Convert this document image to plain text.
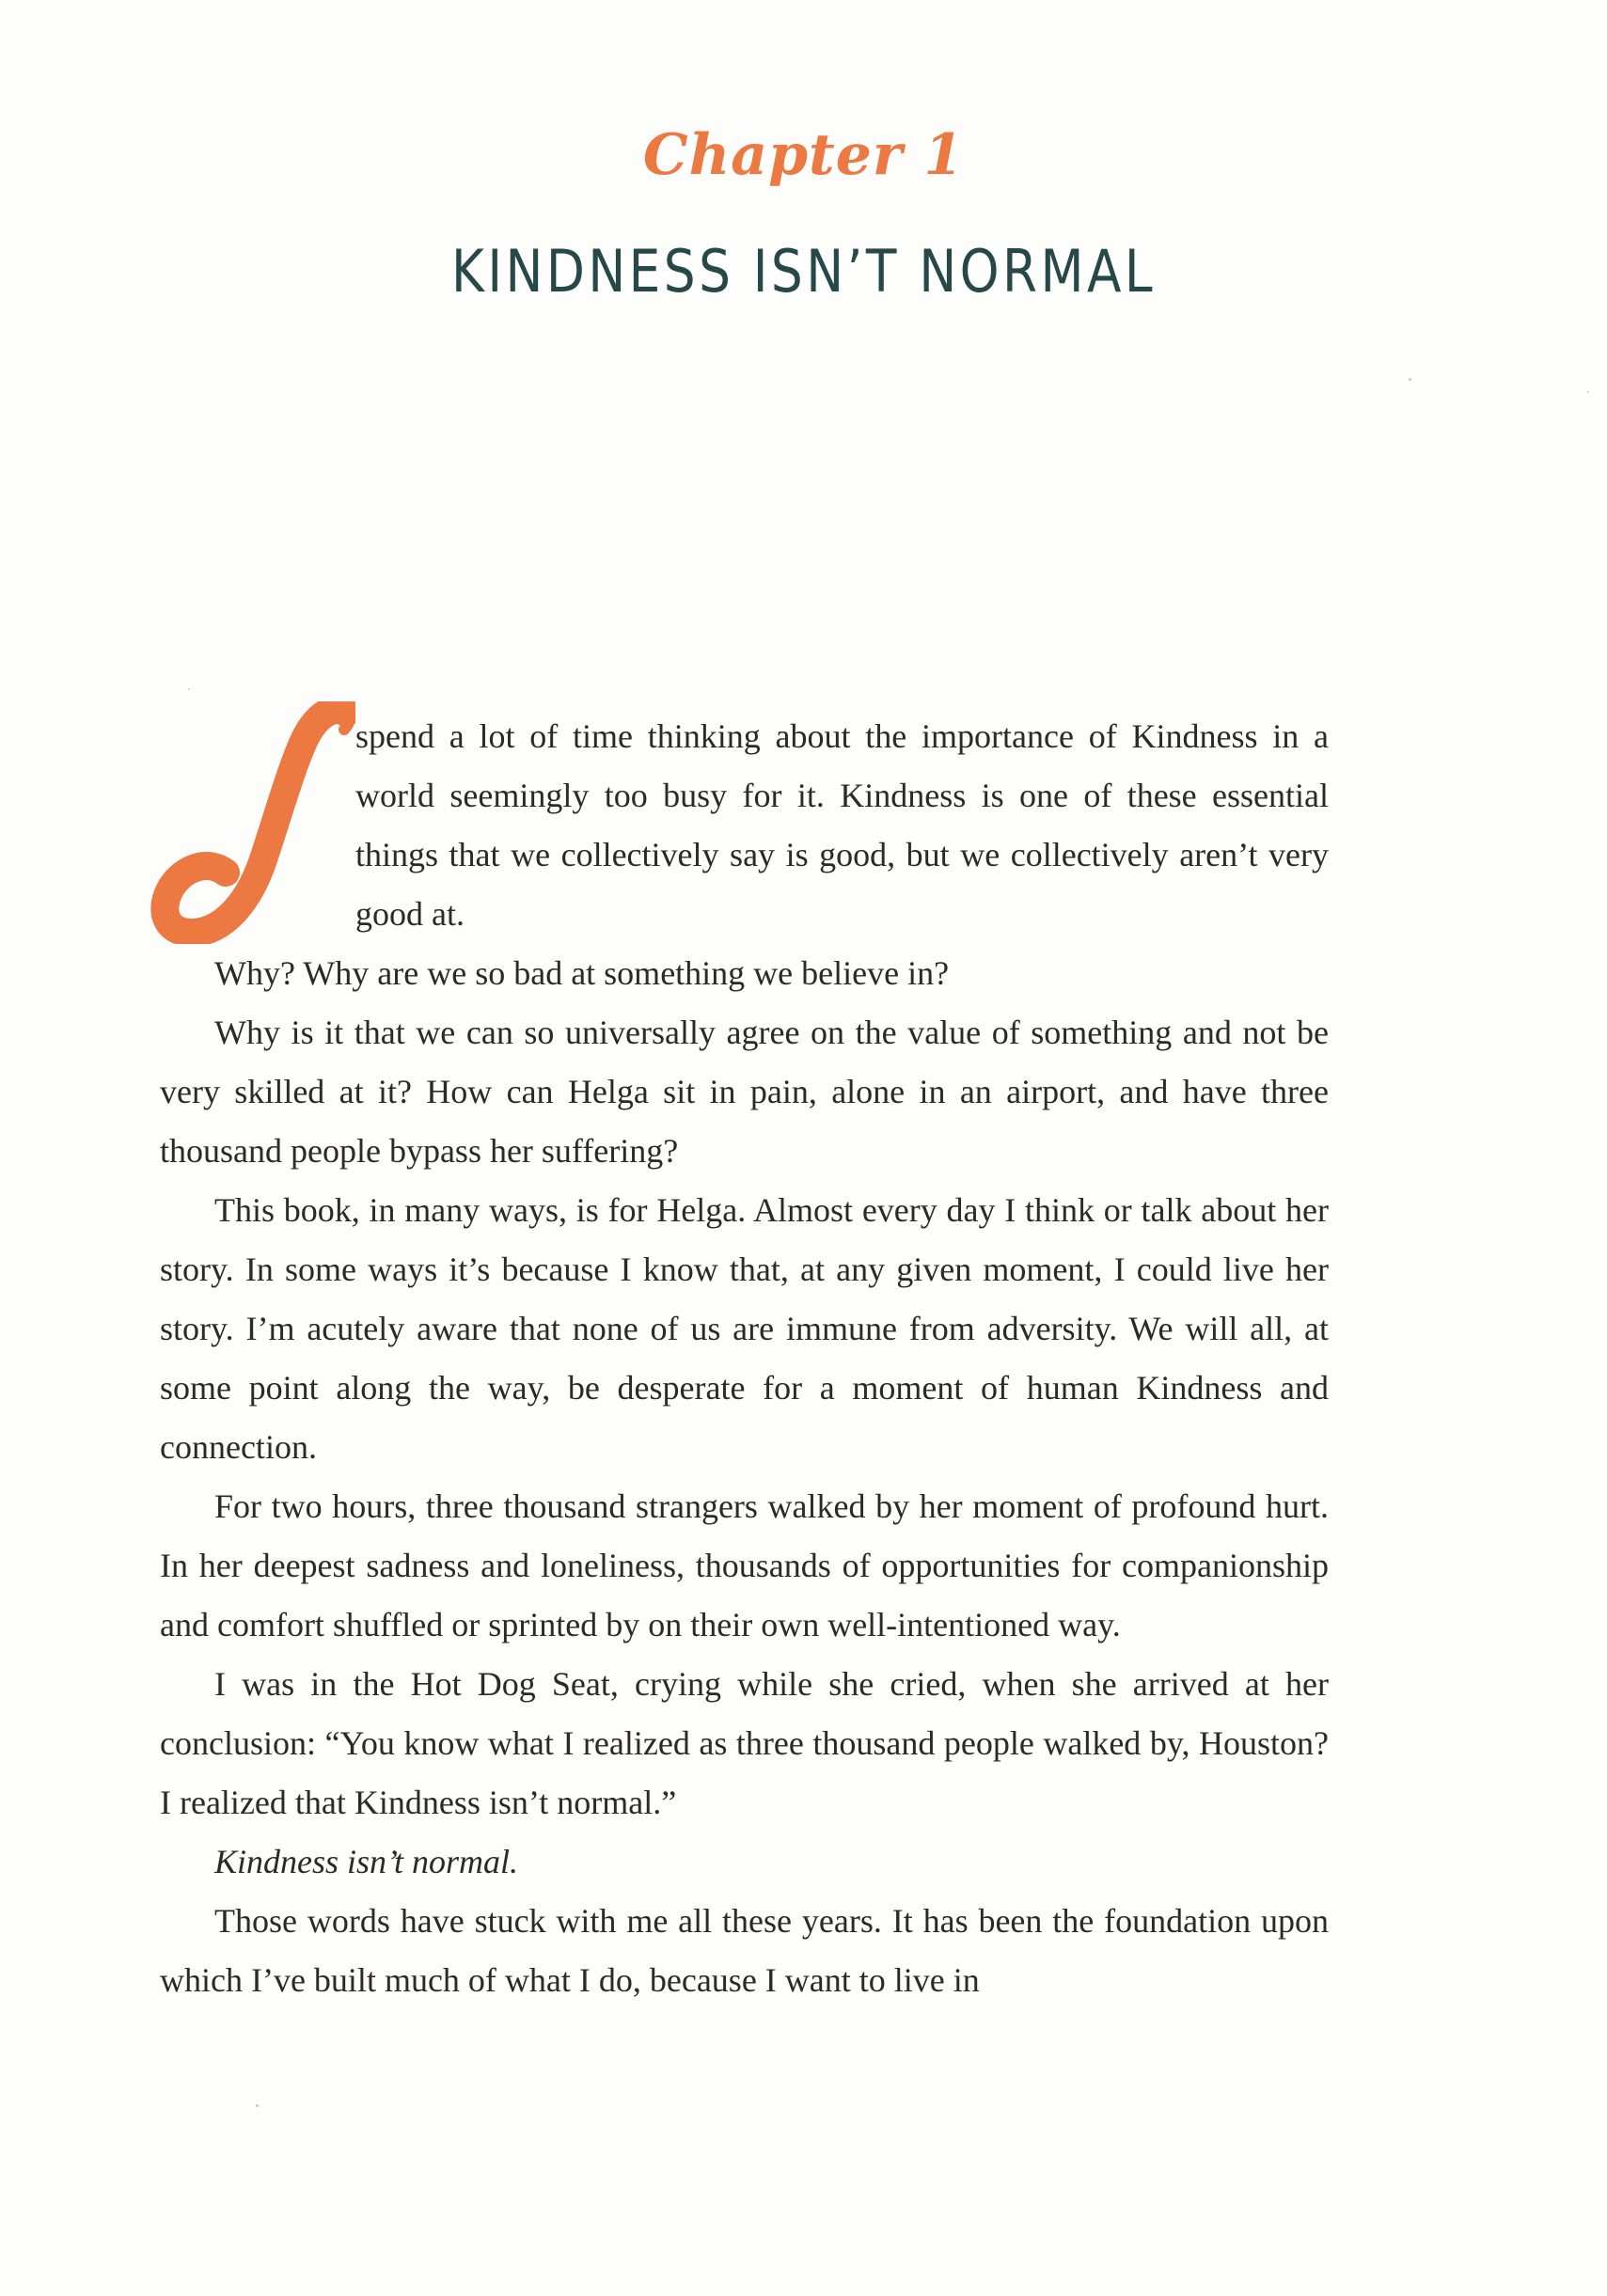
Chapter 1
KINDNESS ISN’T NORMAL

spend a lot of time thinking about the importance of Kindness in a world seemingly too busy for it. Kindness is one of these essential things that we collectively say is good, but we collectively aren’t very good at.

Why? Why are we so bad at something we believe in?

Why is it that we can so universally agree on the value of something and not be very skilled at it? How can Helga sit in pain, alone in an airport, and have three thousand people bypass her suffering?

This book, in many ways, is for Helga. Almost every day I think or talk about her story. In some ways it’s because I know that, at any given moment, I could live her story. I’m acutely aware that none of us are immune from adversity. We will all, at some point along the way, be desperate for a moment of human Kindness and connection.

For two hours, three thousand strangers walked by her moment of profound hurt. In her deepest sadness and loneliness, thousands of opportunities for companionship and comfort shuffled or sprinted by on their own well-intentioned way.

I was in the Hot Dog Seat, crying while she cried, when she arrived at her conclusion: “You know what I realized as three thousand people walked by, Houston? I realized that Kindness isn’t normal.”

Kindness isn’t normal.

Those words have stuck with me all these years. It has been the foundation upon which I’ve built much of what I do, because I want to live in
